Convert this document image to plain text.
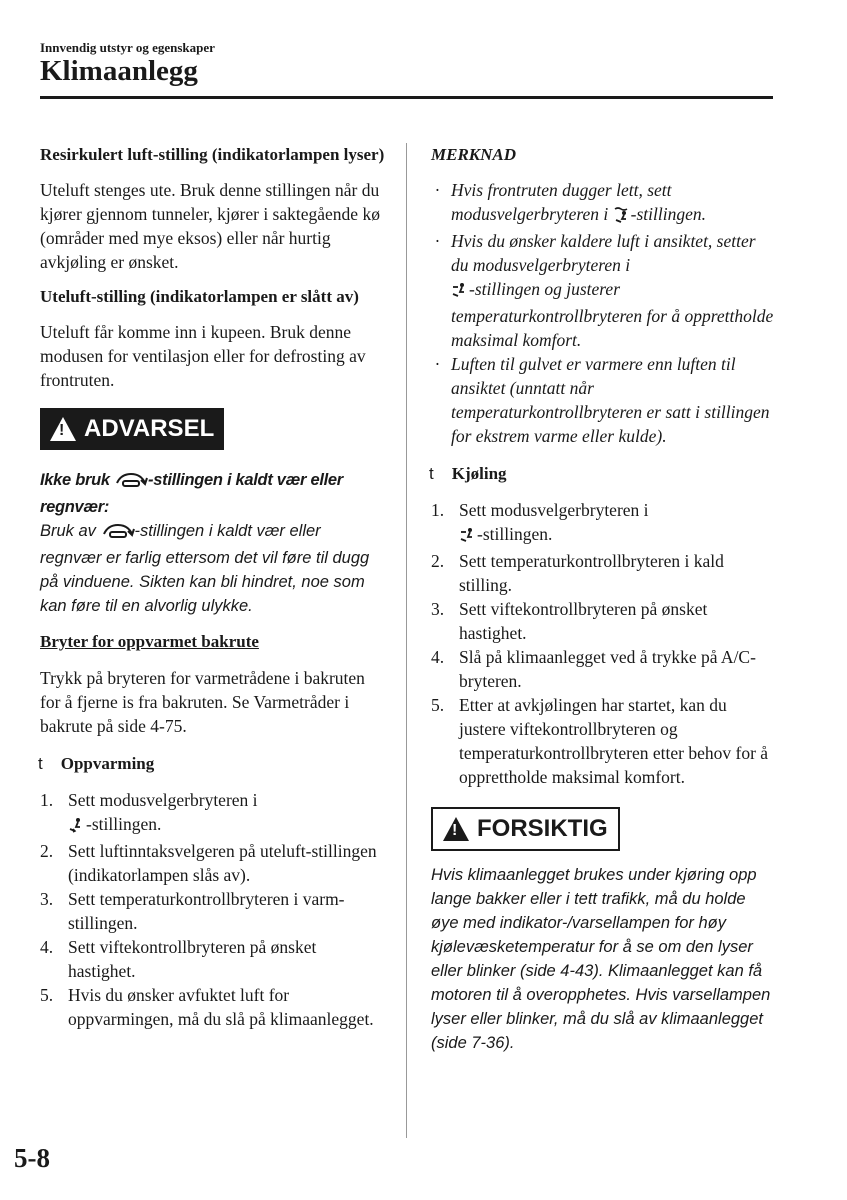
Innvendig utstyr og egenskaper
Klimaanlegg

Resirkulert luft-stilling (indikatorlampen lyser)

Uteluft stenges ute. Bruk denne stillingen når du kjører gjennom tunneler, kjører i saktegående kø (områder med mye eksos) eller når hurtig avkjøling er ønsket.

Uteluft-stilling (indikatorlampen er slått av)

Uteluft får komme inn i kupeen. Bruk denne modusen for ventilasjon eller for defrosting av frontruten.

! ADVARSEL

Ikke bruk -stillingen i kaldt vær eller regnvær:

Bruk av -stillingen i kaldt vær eller regnvær er farlig ettersom det vil føre til dugg på vinduene. Sikten kan bli hindret, noe som kan føre til en alvorlig ulykke.

Bryter for oppvarmet bakrute

Trykk på bryteren for varmetrådene i bakruten for å fjerne is fra bakruten. Se Varmetråder i bakrute på side 4-75.

t Oppvarming
1. Sett modusvelgerbryteren i
-stillingen.
2. Sett luftinntaksvelgeren på uteluft-stillingen (indikatorlampen slås av).
3. Sett temperaturkontrollbryteren i varm-stillingen.
4. Sett viftekontrollbryteren på ønsket hastighet.
5. Hvis du ønsker avfuktet luft for oppvarmingen, må du slå på klimaanlegget.

MERKNAD

· Hvis frontruten dugger lett, sett modusvelgerbryteren i -stillingen.
· Hvis du ønsker kaldere luft i ansiktet, setter du modusvelgerbryteren i
-stillingen og justerer temperaturkontrollbryteren for å opprettholde maksimal komfort.
· Luften til gulvet er varmere enn luften til ansiktet (unntatt når temperaturkontrollbryteren er satt i stillingen for ekstrem varme eller kulde).
t Kjøling
1. Sett modusvelgerbryteren i
-stillingen.
2. Sett temperaturkontrollbryteren i kald stilling.
3. Sett viftekontrollbryteren på ønsket hastighet.
4. Slå på klimaanlegget ved å trykke på A/C-bryteren.
5. Etter at avkjølingen har startet, kan du justere viftekontrollbryteren og temperaturkontrollbryteren etter behov for å opprettholde maksimal komfort.
! FORSIKTIG

Hvis klimaanlegget brukes under kjøring opp lange bakker eller i tett trafikk, må du holde øye med indikator-/varsellampen for høy kjølevæsketemperatur for å se om den lyser eller blinker (side 4-43). Klimaanlegget kan få motoren til å overopphetes. Hvis varsellampen lyser eller blinker, må du slå av klimaanlegget (side 7-36).

5-8
